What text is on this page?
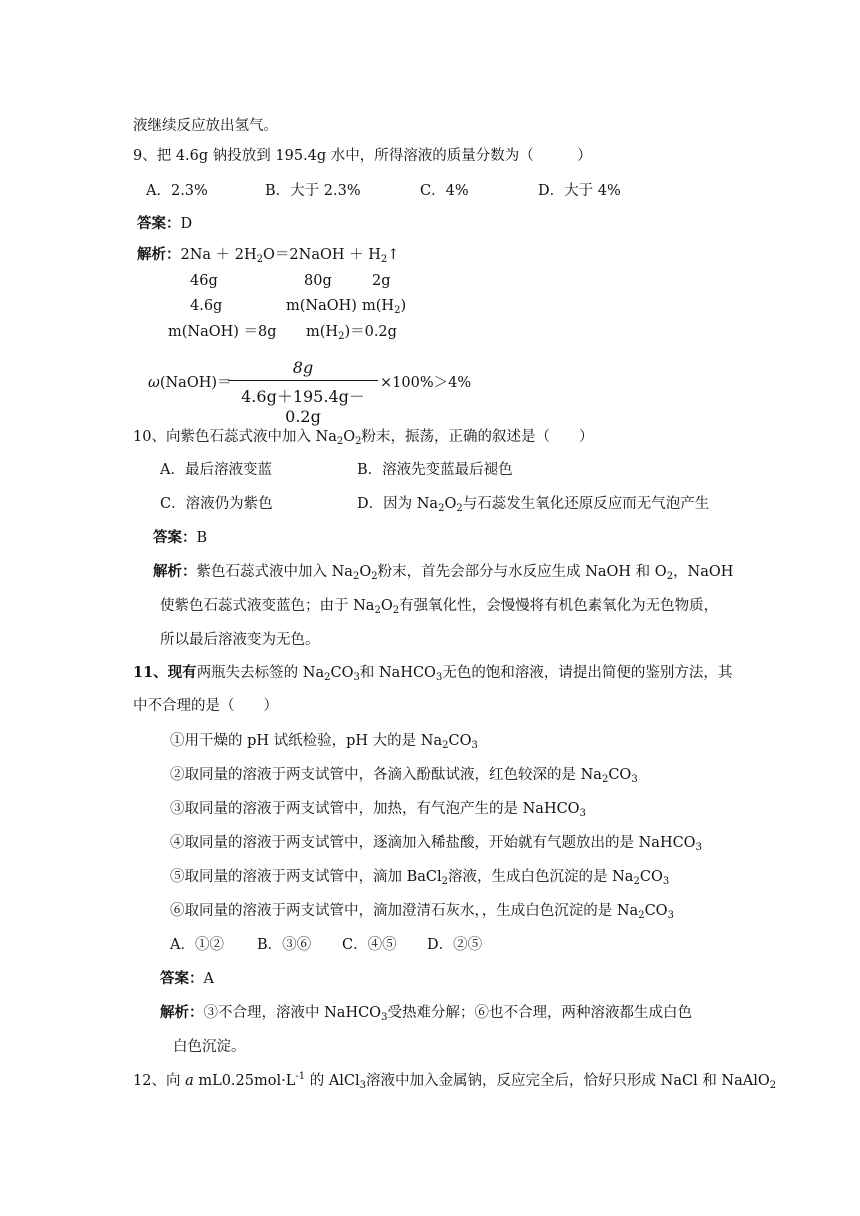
液继续反应放出氢气。
9、把 4.6g 钠投放到 195.4g 水中，所得溶液的质量分数为（　　　）
A．2.3%	B．大于 2.3%	C．4%	D．大于 4%
答案：D
解析：$2Na + 2H_2O=2NaOH$ ＋ $H_2↑$
46g	80g	2g
4.6g	m(NaOH) $m(H_2)$
m(NaOH) ＝8g $m(H_2)=0.2g$
ω(NaOH)＝
8g
4.6g＋195.4g－0.2g
×100%＞4%
10、向紫色石蕊式液中加入 $Na_2O_2$粉末，振荡，正确的叙述是（　　）
A．最后溶液变蓝	B．溶液先变蓝最后褪色
C．溶液仍为紫色	D．因为 $Na_2O_2$与石蕊发生氧化还原反应而无气泡产生
答案：B
解析：紫色石蕊式液中加入 $Na_2O_2$粉末，首先会部分与水反应生成 NaOH 和 $O_2$，NaOH
使紫色石蕊式液变蓝色；由于 $Na_2O_2$有强氧化性，会慢慢将有机色素氧化为无色物质，
所以最后溶液变为无色。
11、现有两瓶失去标签的 $Na_2CO_3$和 NaHCO$_3$无色的饱和溶液，请提出简便的鉴别方法，其
中不合理的是（　　）
①用干燥的 pH 试纸检验，pH 大的是 $Na_2CO_3$
②取同量的溶液于两支试管中，各滴入酚酞试液，红色较深的是 $Na_2CO_3$
③取同量的溶液于两支试管中，加热，有气泡产生的是 NaHCO$_3$
④取同量的溶液于两支试管中，逐滴加入稀盐酸，开始就有气题放出的是 NaHCO$_3$
⑤取同量的溶液于两支试管中，滴加 BaCl$_2$溶液，生成白色沉淀的是 $Na_2CO_3$
⑥取同量的溶液于两支试管中，滴加澄清石灰水，，生成白色沉淀的是 $Na_2CO_3$
A．①② B．③⑥ C．④⑤ D．②⑤
答案：A
解析：③不合理，溶液中 NaHCO$_3$受热难分解；⑥也不合理，两种溶液都生成白色
白色沉淀。
12、向 a $mL0.25mol\cdot L^{-1}$ 的 AlCl$_3$溶液中加入金属钠，反应完全后，恰好只形成 NaCl 和 NaAlO$_2$
